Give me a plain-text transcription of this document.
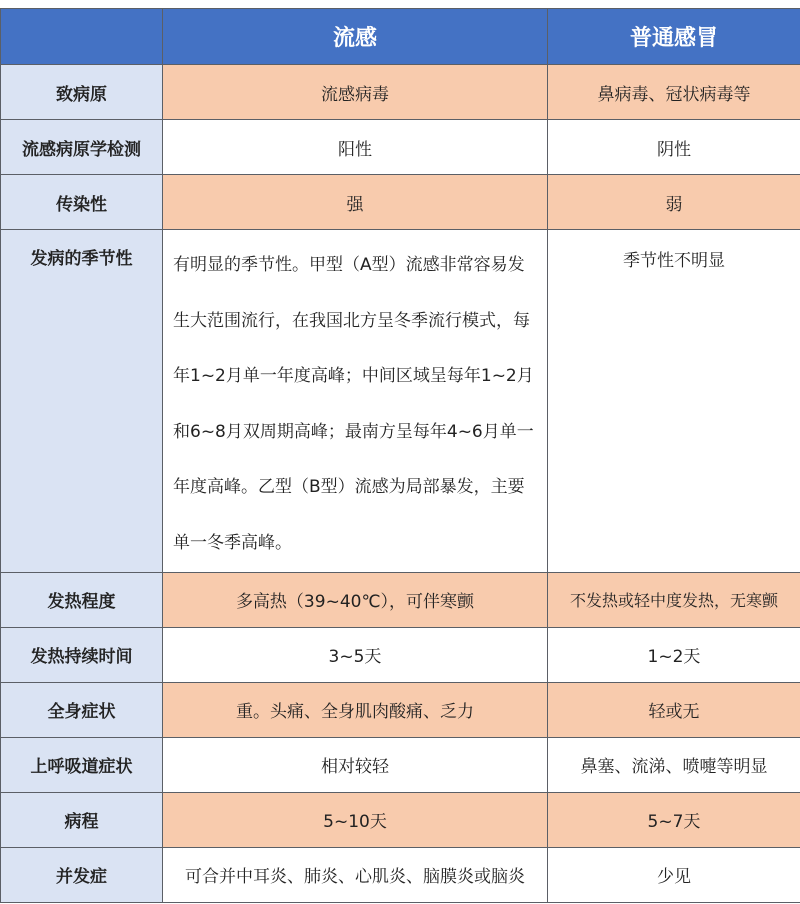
	流感	普通感冒
致病原	流感病毒	鼻病毒、冠状病毒等
流感病原学检测	阳性	阴性
传染性	强	弱
发病的季节性	有明显的季节性。甲型（A型）流感非常容易发生大范围流行，在我国北方呈冬季流行模式，每年1~2月单一年度高峰；中间区域呈每年1~2月和6~8月双周期高峰；最南方呈每年4~6月单一年度高峰。乙型（B型）流感为局部暴发，主要单一冬季高峰。	季节性不明显
发热程度	多高热（39~40℃），可伴寒颤	不发热或轻中度发热，无寒颤
发热持续时间	3~5天	1~2天
全身症状	重。头痛、全身肌肉酸痛、乏力	轻或无
上呼吸道症状	相对较轻	鼻塞、流涕、喷嚏等明显
病程	5~10天	5~7天
并发症	可合并中耳炎、肺炎、心肌炎、脑膜炎或脑炎	少见
